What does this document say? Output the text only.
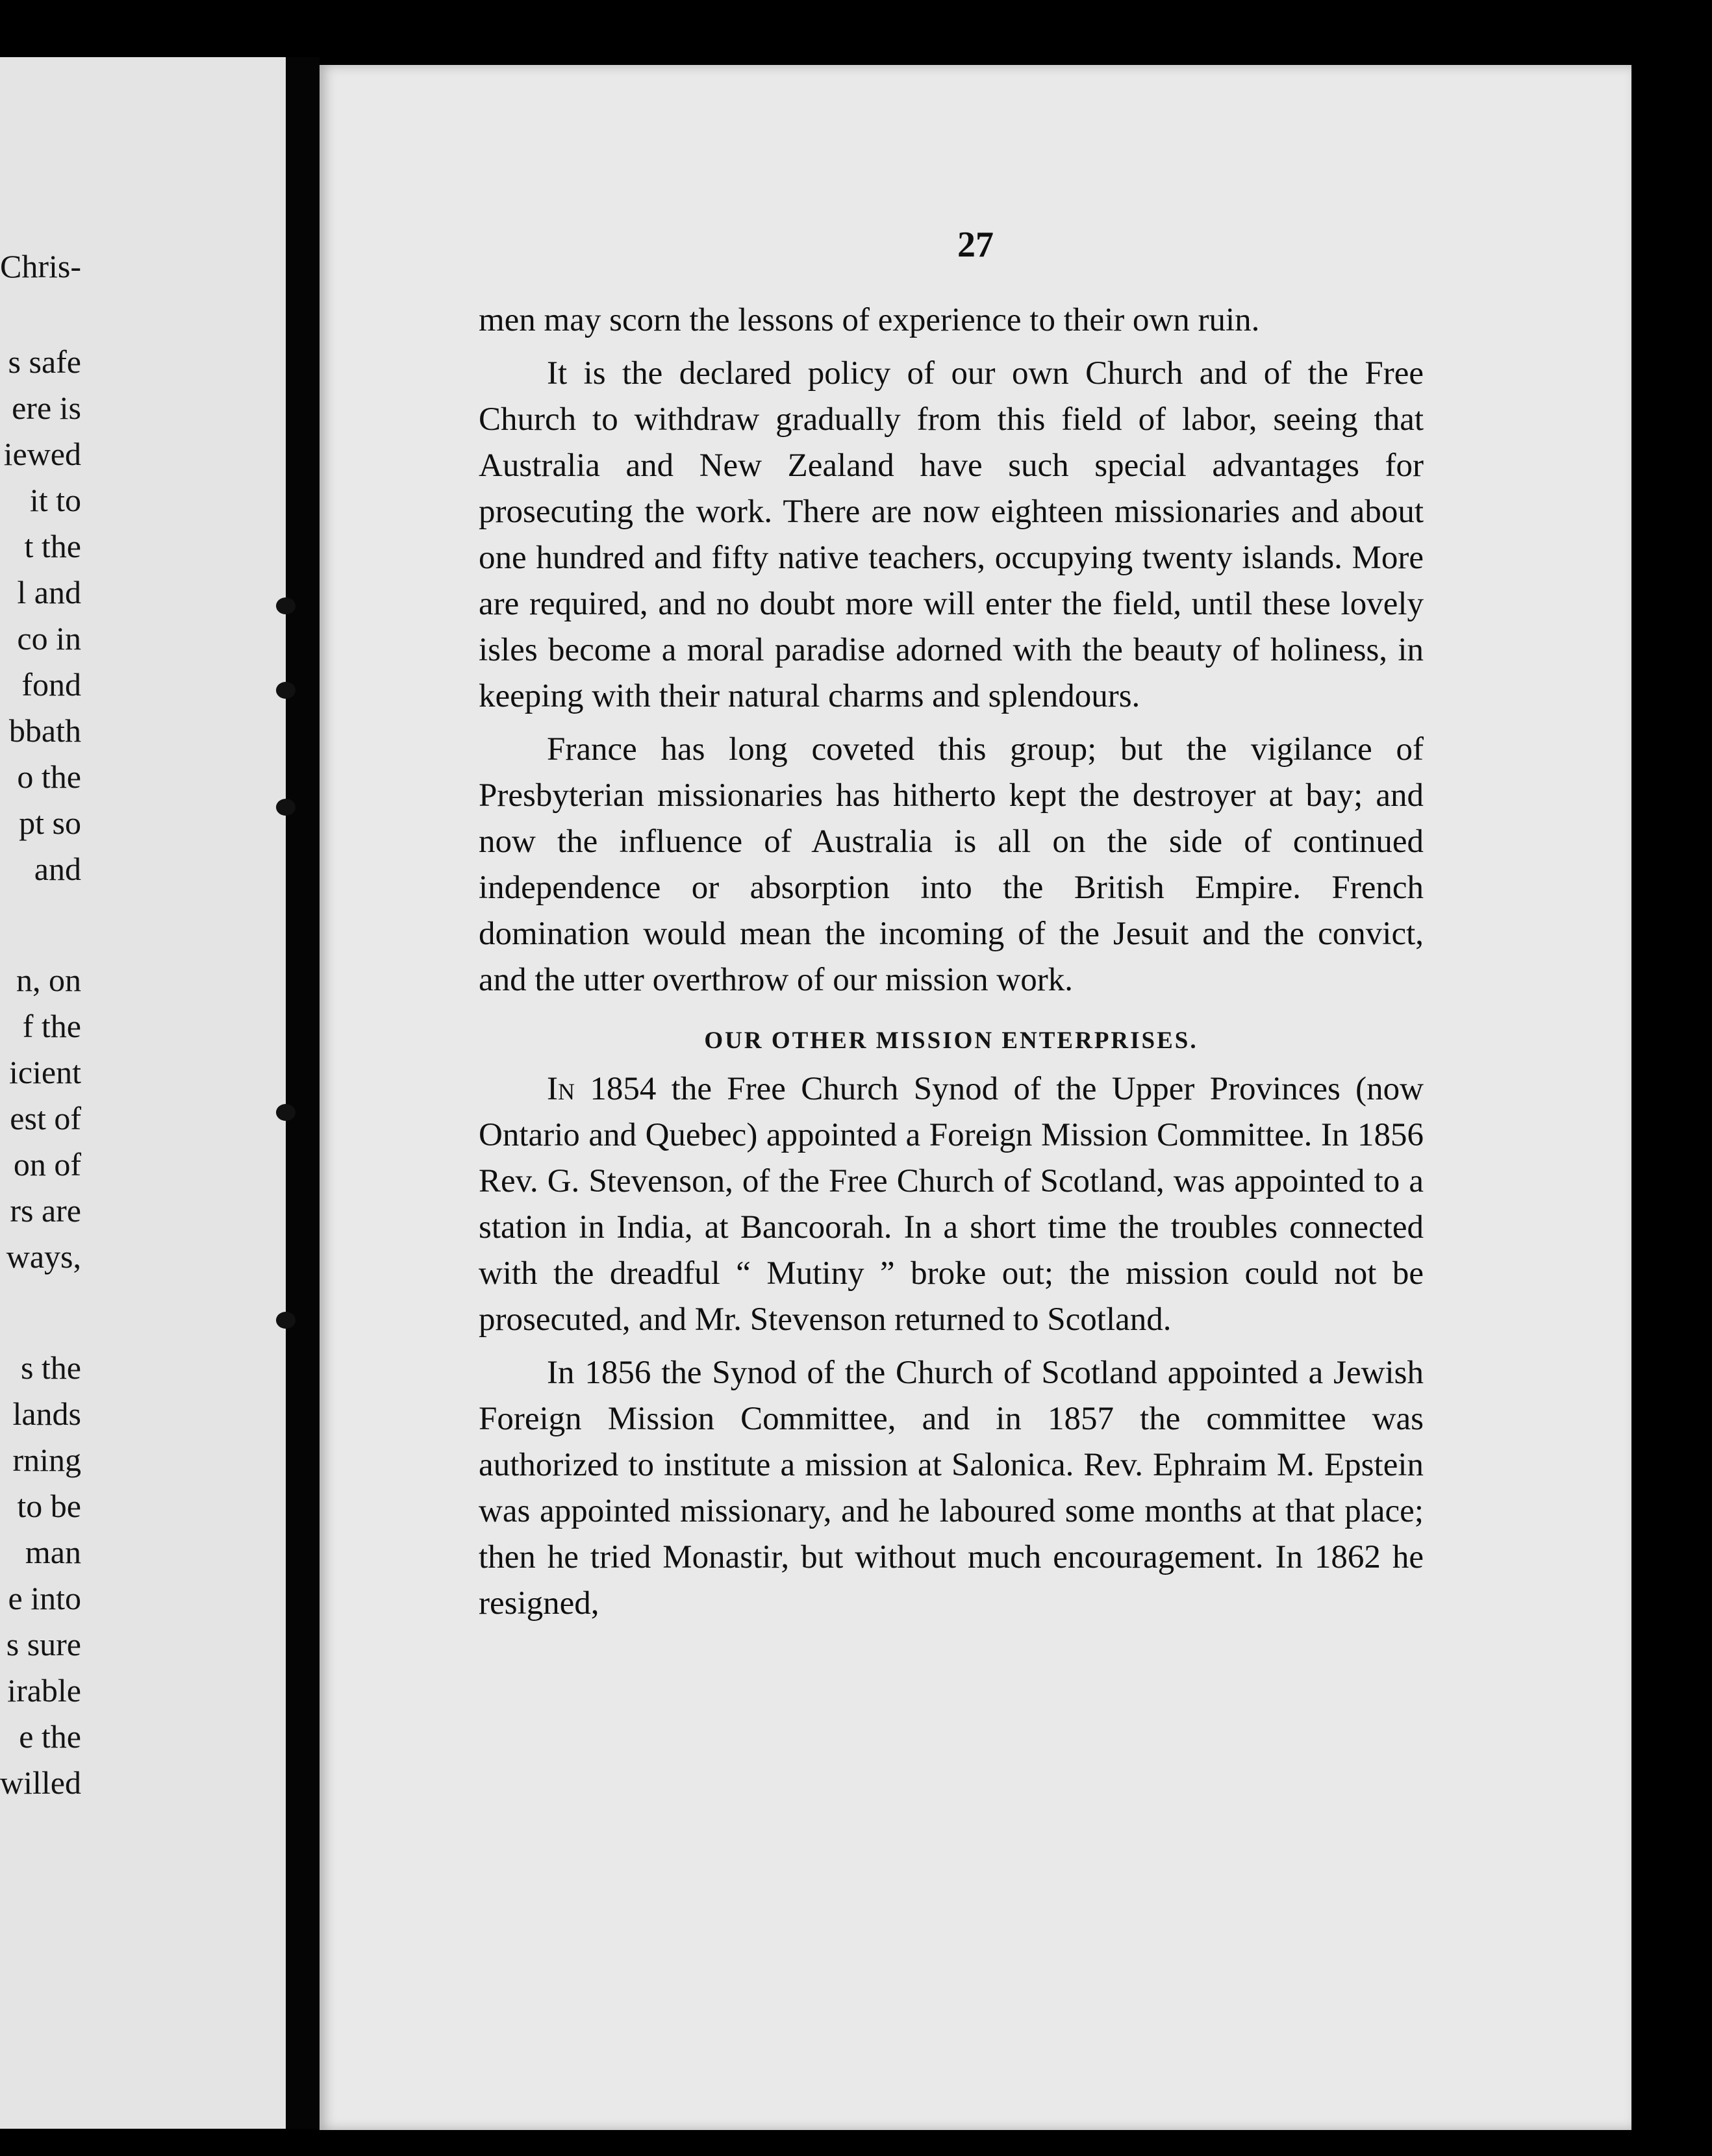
Chris-
s safe
ere is
iewed
it to
t the
l and
co in
fond
bbath
o the
pt so
and
n, on
f the
icient
est of
on of
rs are
ways,
s the
lands
rning
to be
man
e into
s sure
irable
e the
willed
27

men may scorn the lessons of experience to their own ruin.

It is the declared policy of our own Church and of the Free Church to withdraw gradually from this field of labor, seeing that Australia and New Zealand have such special advantages for prosecuting the work. There are now eighteen missionaries and about one hundred and fifty native teachers, occupying twenty islands. More are required, and no doubt more will enter the field, until these lovely isles become a moral paradise adorned with the beauty of holiness, in keeping with their natural charms and splendours.

France has long coveted this group; but the vigilance of Presbyterian missionaries has hitherto kept the destroyer at bay; and now the influence of Australia is all on the side of continued independence or absorption into the British Empire. French domination would mean the incoming of the Jesuit and the convict, and the utter overthrow of our mission work.

OUR OTHER MISSION ENTERPRISES.

In 1854 the Free Church Synod of the Upper Provinces (now Ontario and Quebec) appointed a Foreign Mission Committee. In 1856 Rev. G. Stevenson, of the Free Church of Scotland, was appointed to a station in India, at Bancoorah. In a short time the troubles connected with the dreadful “ Mutiny ” broke out; the mission could not be prosecuted, and Mr. Stevenson returned to Scotland.

In 1856 the Synod of the Church of Scotland appointed a Jewish Foreign Mission Committee, and in 1857 the committee was authorized to institute a mission at Salonica. Rev. Ephraim M. Epstein was appointed missionary, and he laboured some months at that place; then he tried Monastir, but without much encouragement. In 1862 he resigned,
